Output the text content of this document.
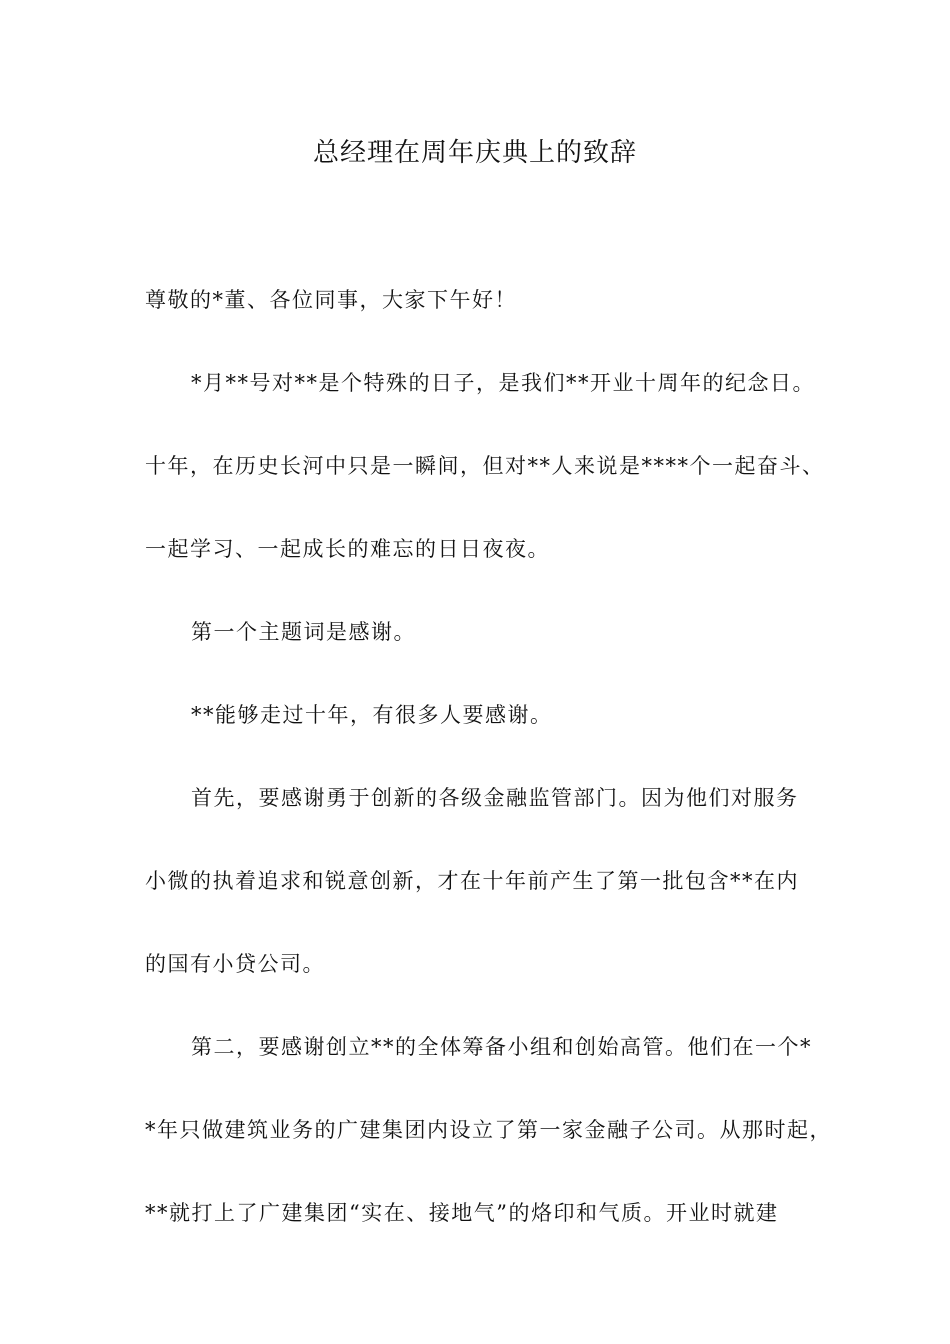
总经理在周年庆典上的致辞
尊敬的*董、各位同事，大家下午好！
*月**号对**是个特殊的日子，是我们**开业十周年的纪念日。
十年，在历史长河中只是一瞬间，但对**人来说是****个一起奋斗、
一起学习、一起成长的难忘的日日夜夜。
第一个主题词是感谢。
**能够走过十年，有很多人要感谢。
首先，要感谢勇于创新的各级金融监管部门。因为他们对服务
小微的执着追求和锐意创新，才在十年前产生了第一批包含**在内
的国有小贷公司。
第二，要感谢创立**的全体筹备小组和创始高管。他们在一个*
*年只做建筑业务的广建集团内设立了第一家金融子公司。从那时起，
**就打上了广建集团“实在、接地气”的烙印和气质。开业时就建
